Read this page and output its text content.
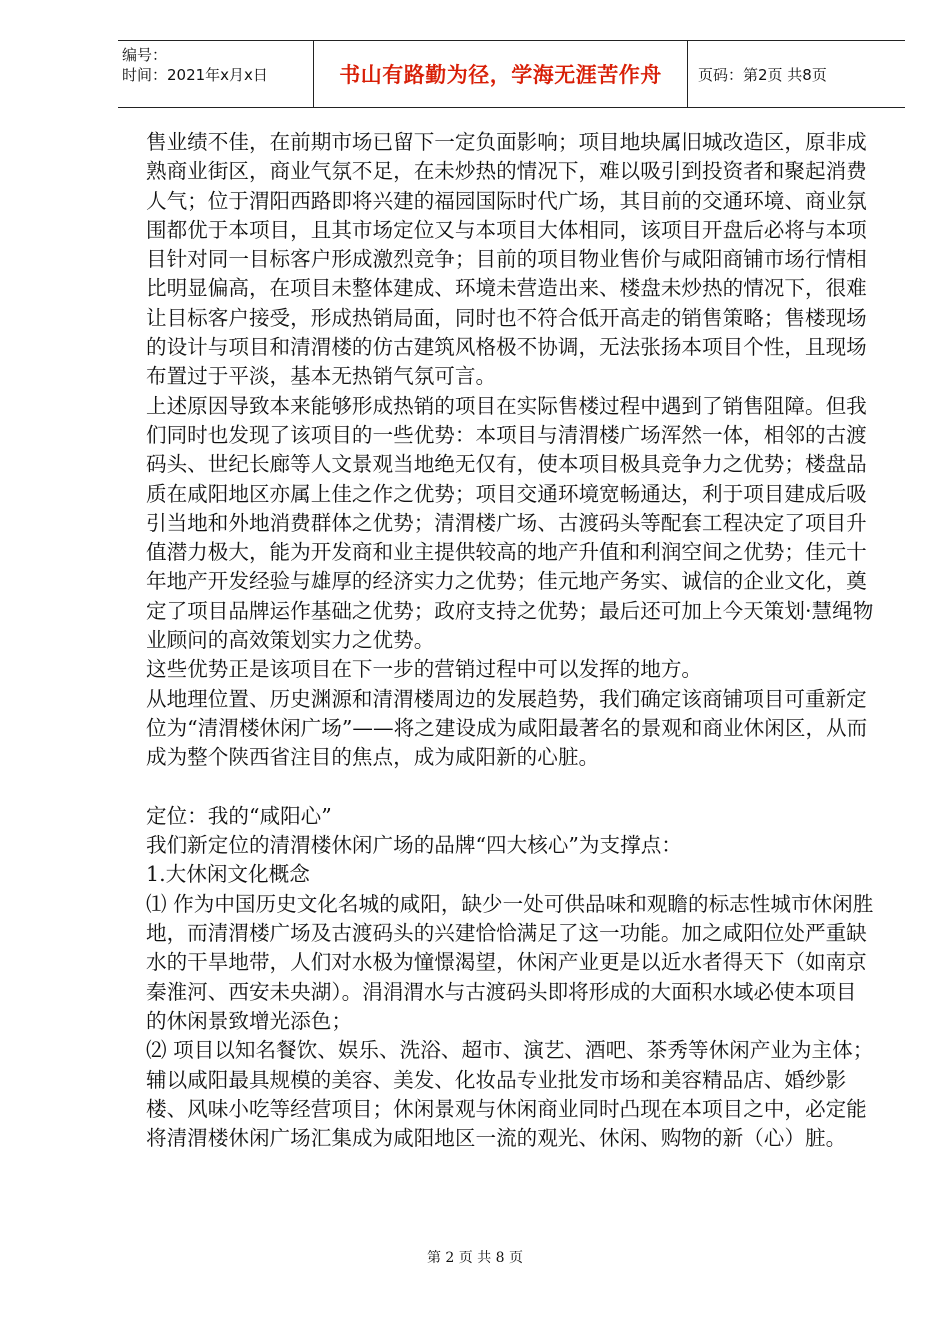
编号：
时间：2021年x月x日	书山有路勤为径，学海无涯苦作舟	页码：第2页 共8页

售业绩不佳，在前期市场已留下一定负面影响；项目地块属旧城改造区，原非成熟商业街区，商业气氛不足，在未炒热的情况下，难以吸引到投资者和聚起消费人气；位于渭阳西路即将兴建的福园国际时代广场，其目前的交通环境、商业氛围都优于本项目，且其市场定位又与本项目大体相同，该项目开盘后必将与本项目针对同一目标客户形成激烈竞争；目前的项目物业售价与咸阳商铺市场行情相比明显偏高，在项目未整体建成、环境未营造出来、楼盘未炒热的情况下，很难让目标客户接受，形成热销局面，同时也不符合低开高走的销售策略；售楼现场的设计与项目和清渭楼的仿古建筑风格极不协调，无法张扬本项目个性，且现场布置过于平淡，基本无热销气氛可言。

上述原因导致本来能够形成热销的项目在实际售楼过程中遇到了销售阻障。但我们同时也发现了该项目的一些优势：本项目与清渭楼广场浑然一体，相邻的古渡码头、世纪长廊等人文景观当地绝无仅有，使本项目极具竞争力之优势；楼盘品质在咸阳地区亦属上佳之作之优势；项目交通环境宽畅通达，利于项目建成后吸引当地和外地消费群体之优势；清渭楼广场、古渡码头等配套工程决定了项目升值潜力极大，能为开发商和业主提供较高的地产升值和利润空间之优势；佳元十年地产开发经验与雄厚的经济实力之优势；佳元地产务实、诚信的企业文化，奠定了项目品牌运作基础之优势；政府支持之优势；最后还可加上今天策划·慧绳物业顾问的高效策划实力之优势。

这些优势正是该项目在下一步的营销过程中可以发挥的地方。

从地理位置、历史渊源和清渭楼周边的发展趋势，我们确定该商铺项目可重新定位为“清渭楼休闲广场”——将之建设成为咸阳最著名的景观和商业休闲区，从而成为整个陕西省注目的焦点，成为咸阳新的心脏。

定位：我的“咸阳心”

我们新定位的清渭楼休闲广场的品牌“四大核心”为支撑点：

1.大休闲文化概念

⑴ 作为中国历史文化名城的咸阳，缺少一处可供品味和观瞻的标志性城市休闲胜地，而清渭楼广场及古渡码头的兴建恰恰满足了这一功能。加之咸阳位处严重缺水的干旱地带，人们对水极为憧憬渴望，休闲产业更是以近水者得天下（如南京秦淮河、西安未央湖）。涓涓渭水与古渡码头即将形成的大面积水域必使本项目的休闲景致增光添色；

⑵ 项目以知名餐饮、娱乐、洗浴、超市、演艺、酒吧、茶秀等休闲产业为主体；辅以咸阳最具规模的美容、美发、化妆品专业批发市场和美容精品店、婚纱影楼、风味小吃等经营项目；休闲景观与休闲商业同时凸现在本项目之中，必定能将清渭楼休闲广场汇集成为咸阳地区一流的观光、休闲、购物的新（心）脏。

第 2 页 共 8 页
